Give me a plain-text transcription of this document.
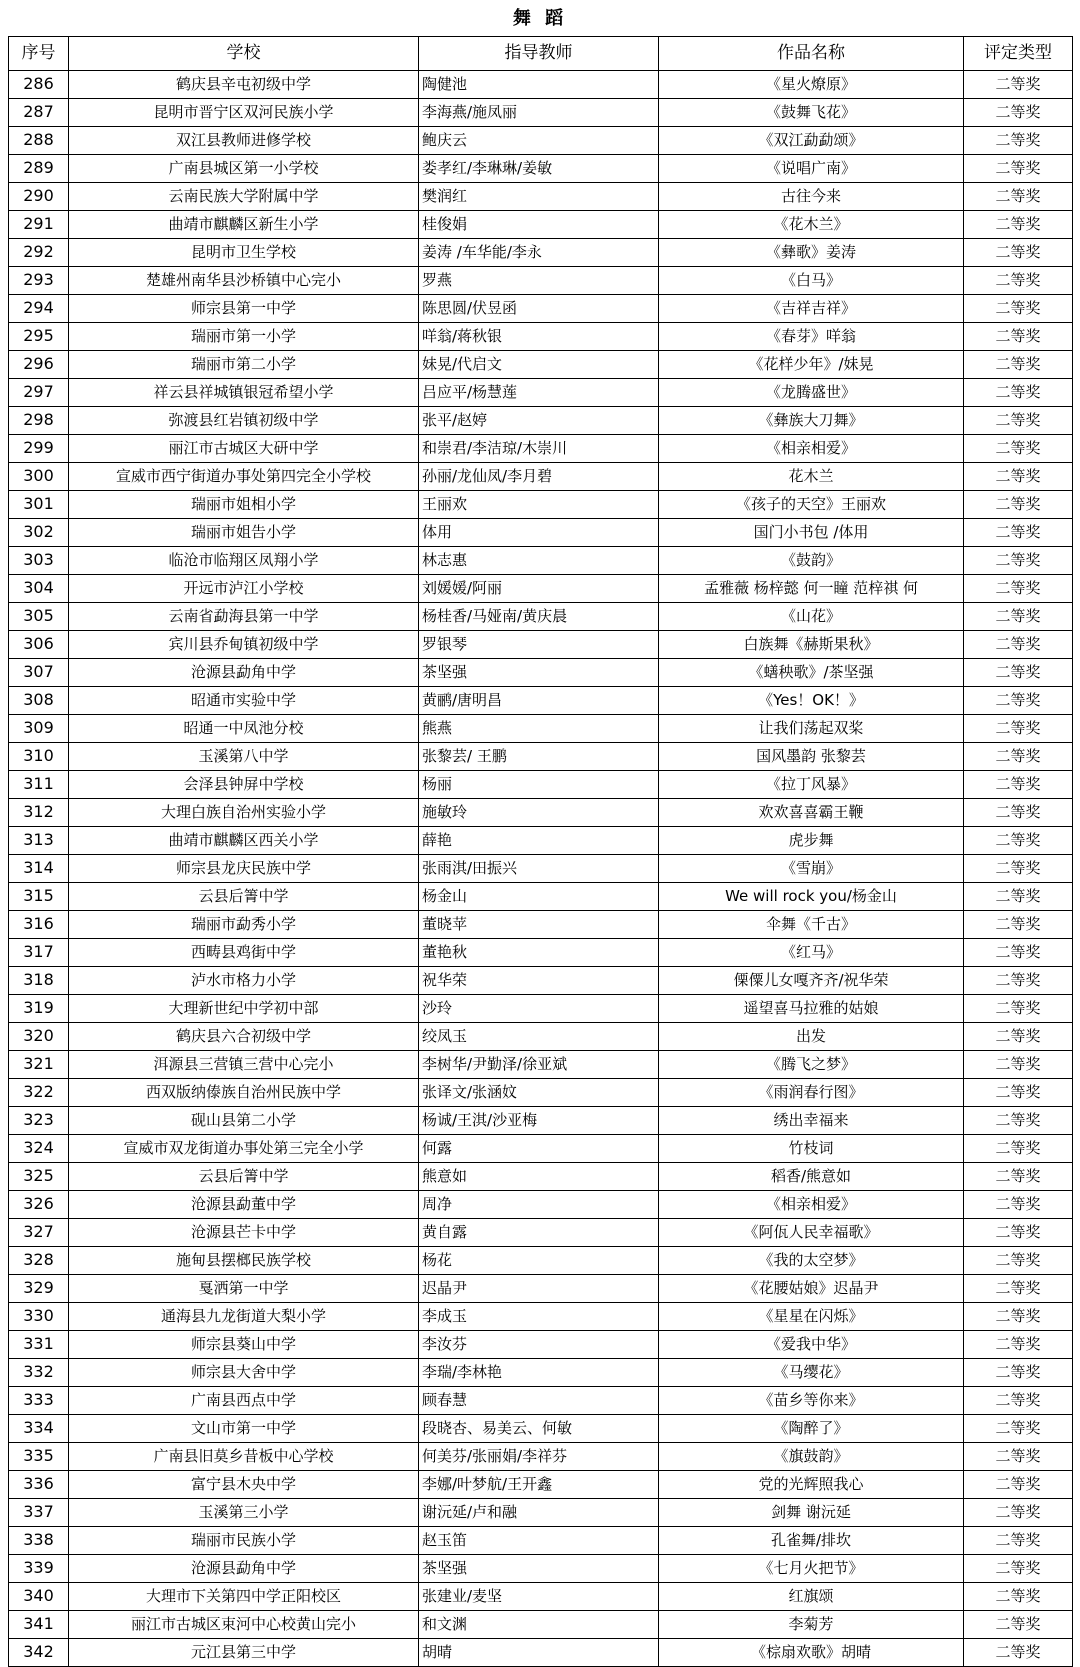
舞 蹈
序号	学校	指导教师	作品名称	评定类型
286	鹤庆县辛屯初级中学	陶健池	《星火燎原》	二等奖
287	昆明市晋宁区双河民族小学	李海燕/施凤丽	《鼓舞飞花》	二等奖
288	双江县教师进修学校	鲍庆云	《双江勐勐颂》	二等奖
289	广南县城区第一小学校	娄孝红/李琳琳/姜敏	《说唱广南》	二等奖
290	云南民族大学附属中学	樊润红	古往今来	二等奖
291	曲靖市麒麟区新生小学	桂俊娟	《花木兰》	二等奖
292	昆明市卫生学校	姜涛 /车华能/李永	《彝歌》姜涛	二等奖
293	楚雄州南华县沙桥镇中心完小	罗燕	《白马》	二等奖
294	师宗县第一中学	陈思圆/伏昱函	《吉祥吉祥》	二等奖
295	瑞丽市第一小学	咩翁/蒋秋银	《春芽》咩翁	二等奖
296	瑞丽市第二小学	妹晃/代启文	《花样少年》/妹晃	二等奖
297	祥云县祥城镇银冠希望小学	吕应平/杨慧莲	《龙腾盛世》	二等奖
298	弥渡县红岩镇初级中学	张平/赵婷	《彝族大刀舞》	二等奖
299	丽江市古城区大研中学	和崇君/李洁琼/木崇川	《相亲相爱》	二等奖
300	宣威市西宁街道办事处第四完全小学校	孙丽/龙仙凤/李月碧	花木兰	二等奖
301	瑞丽市姐相小学	王丽欢	《孩子的天空》王丽欢	二等奖
302	瑞丽市姐告小学	体用	国门小书包 /体用	二等奖
303	临沧市临翔区凤翔小学	林志惠	《鼓韵》	二等奖
304	开远市泸江小学校	刘媛媛/阿丽	孟雅薇 杨梓懿 何一瞳 范梓祺 何	二等奖
305	云南省勐海县第一中学	杨桂香/马娅南/黄庆晨	《山花》	二等奖
306	宾川县乔甸镇初级中学	罗银琴	白族舞《赫斯果秋》	二等奖
307	沧源县勐角中学	茶坚强	《蟮秧歌》/茶坚强	二等奖
308	昭通市实验中学	黄鹂/唐明昌	《Yes！OK！》	二等奖
309	昭通一中凤池分校	熊燕	让我们荡起双桨	二等奖
310	玉溪第八中学	张黎芸/ 王鹏	国风墨韵 张黎芸	二等奖
311	会泽县钟屏中学校	杨丽	《拉丁风暴》	二等奖
312	大理白族自治州实验小学	施敏玲	欢欢喜喜霸王鞭	二等奖
313	曲靖市麒麟区西关小学	薛艳	虎步舞	二等奖
314	师宗县龙庆民族中学	张雨淇/田振兴	《雪崩》	二等奖
315	云县后箐中学	杨金山	We will rock you/杨金山	二等奖
316	瑞丽市勐秀小学	董晓苹	伞舞《千古》	二等奖
317	西畴县鸡街中学	董艳秋	《红马》	二等奖
318	泸水市格力小学	祝华荣	傈僳儿女嘎齐齐/祝华荣	二等奖
319	大理新世纪中学初中部	沙玲	遥望喜马拉雅的姑娘	二等奖
320	鹤庆县六合初级中学	绞凤玉	出发	二等奖
321	洱源县三营镇三营中心完小	李树华/尹勤泽/徐亚斌	《腾飞之梦》	二等奖
322	西双版纳傣族自治州民族中学	张译文/张涵妏	《雨润春行图》	二等奖
323	砚山县第二小学	杨诚/王淇/沙亚梅	绣出幸福来	二等奖
324	宣威市双龙街道办事处第三完全小学	何露	竹枝词	二等奖
325	云县后箐中学	熊意如	稻香/熊意如	二等奖
326	沧源县勐董中学	周净	《相亲相爱》	二等奖
327	沧源县芒卡中学	黄自露	《阿佤人民幸福歌》	二等奖
328	施甸县摆榔民族学校	杨花	《我的太空梦》	二等奖
329	戛洒第一中学	迟晶尹	《花腰姑娘》迟晶尹	二等奖
330	通海县九龙街道大梨小学	李成玉	《星星在闪烁》	二等奖
331	师宗县葵山中学	李汝芬	《爱我中华》	二等奖
332	师宗县大舍中学	李瑞/李林艳	《马缨花》	二等奖
333	广南县西点中学	顾春慧	《苗乡等你来》	二等奖
334	文山市第一中学	段晓杏、易美云、何敏	《陶醉了》	二等奖
335	广南县旧莫乡昔板中心学校	何美芬/张丽娟/李祥芬	《旗鼓韵》	二等奖
336	富宁县木央中学	李娜/叶梦航/王开鑫	党的光辉照我心	二等奖
337	玉溪第三小学	谢沅延/卢和融	剑舞 谢沅延	二等奖
338	瑞丽市民族小学	赵玉笛	孔雀舞/排坎	二等奖
339	沧源县勐角中学	茶坚强	《七月火把节》	二等奖
340	大理市下关第四中学正阳校区	张建业/麦坚	红旗颂	二等奖
341	丽江市古城区束河中心校黄山完小	和文渊	李菊芳	二等奖
342	元江县第三中学	胡晴	《棕扇欢歌》胡晴	二等奖
